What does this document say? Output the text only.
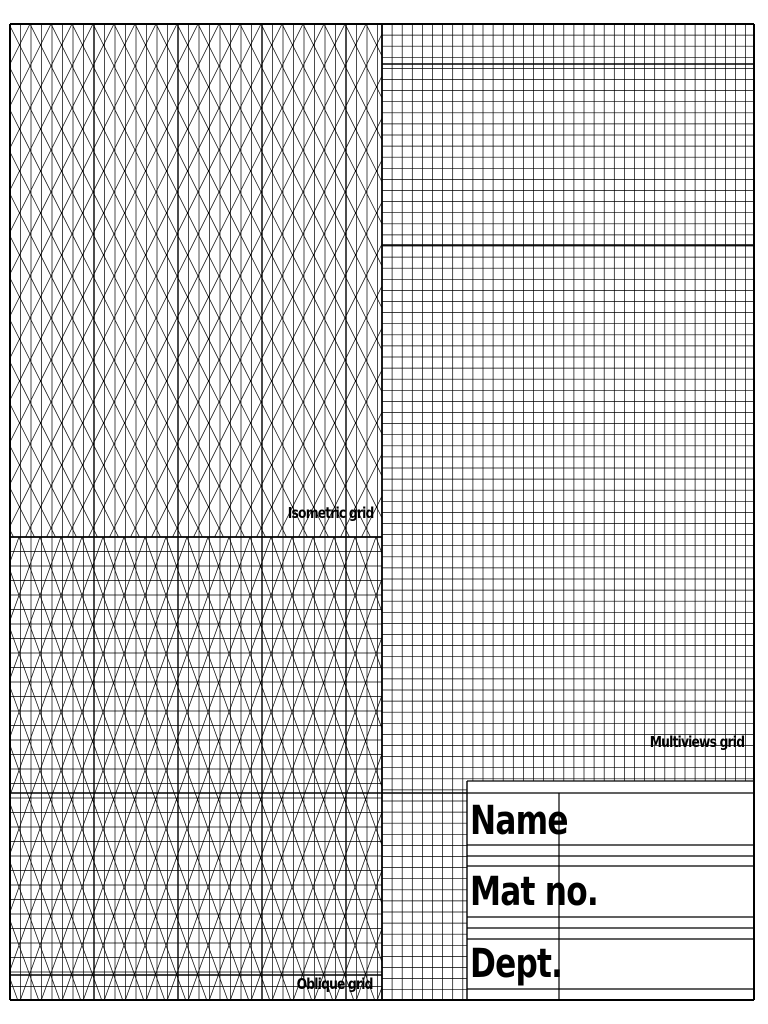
Isometric grid
Multiviews grid
Oblique grid
Name
Mat no.
Dept.
